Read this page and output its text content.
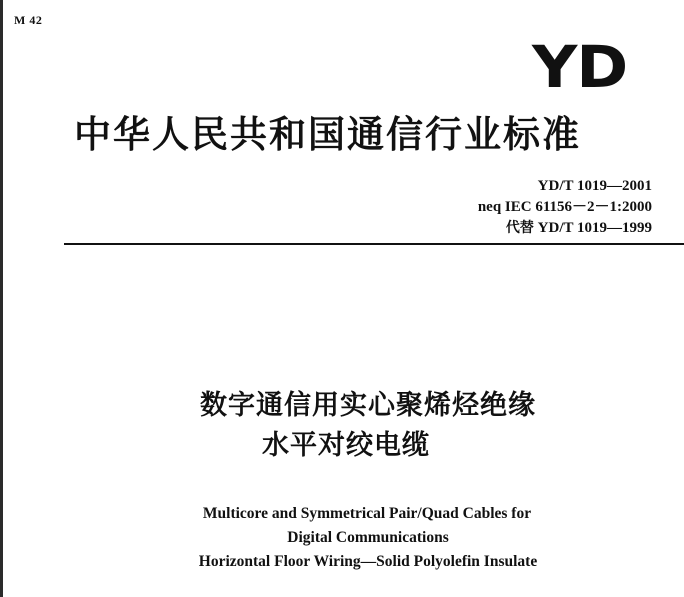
M 42
YD
中华人民共和国通信行业标准
YD/T 1019—2001
neq IEC 61156－2－1:2000
代替 YD/T 1019—1999
数字通信用实心聚烯烃绝缘
水平对绞电缆
Multicore and Symmetrical Pair/Quad Cables for
Digital Communications
Horizontal Floor Wiring—Solid Polyolefin Insulate
